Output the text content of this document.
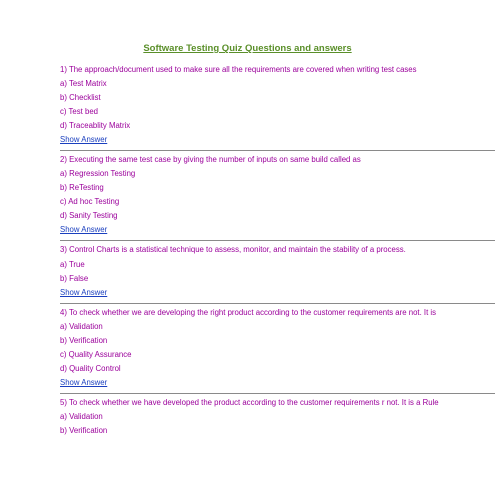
Software Testing Quiz Questions and answers
1) The approach/document used to make sure all the requirements are covered when writing test cases
a) Test Matrix
b) Checklist
c) Test bed
d) Traceablity Matrix
Show Answer
2) Executing the same test case by giving the number of inputs on same build called as
a) Regression Testing
b) ReTesting
c) Ad hoc Testing
d) Sanity Testing
Show Answer
3) Control Charts is a statistical technique to assess, monitor, and maintain the stability of a process.
a) True
b) False
Show Answer
4) To check whether we are developing the right product according to the customer requirements are not. It is
a) Validation
b) Verification
c) Quality Assurance
d) Quality Control
Show Answer
5) To check whether we have developed the product according to the customer requirements r not. It is a Rule
a) Validation
b) Verification
